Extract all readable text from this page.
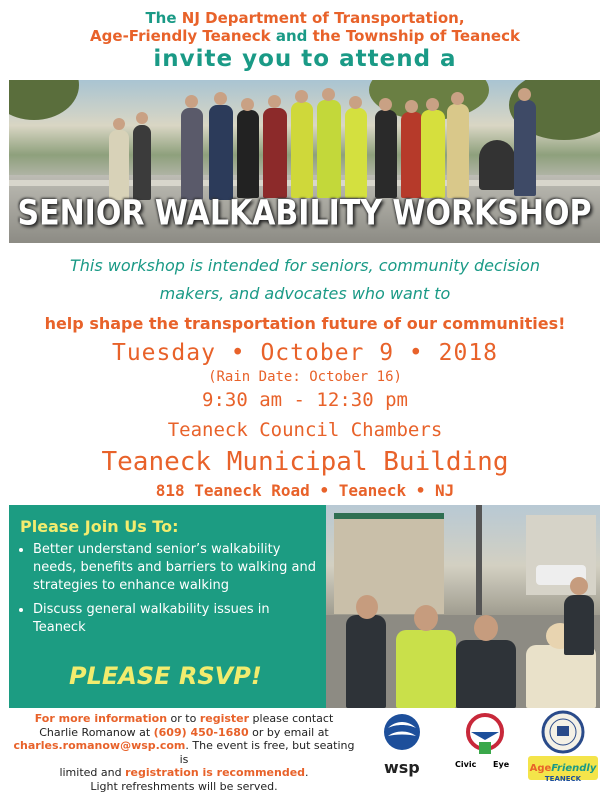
The NJ Department of Transportation,
Age-Friendly Teaneck and the Township of Teaneck
invite you to attend a
SENIOR WALKABILITY WORKSHOP
This workshop is intended for seniors, community decision
makers, and advocates who want to
help shape the transportation future of our communities!
Tuesday • October 9 • 2018
(Rain Date: October 16)
9:30 am - 12:30 pm
Teaneck Council Chambers
Teaneck Municipal Building
818 Teaneck Road • Teaneck • NJ
Please Join Us To:
• Better understand senior’s walkability needs, benefits and barriers to walking and strategies to enhance walking
• Discuss general walkability issues in Teaneck
PLEASE RSVP!
For more information or to register please contact
Charlie Romanow at (609) 450-1680 or by email at
charles.romanow@wsp.com. The event is free, but seating is
limited and registration is recommended.
Light refreshments will be served.
wsp	Civic Eye AgeFriendly
TEANECK
